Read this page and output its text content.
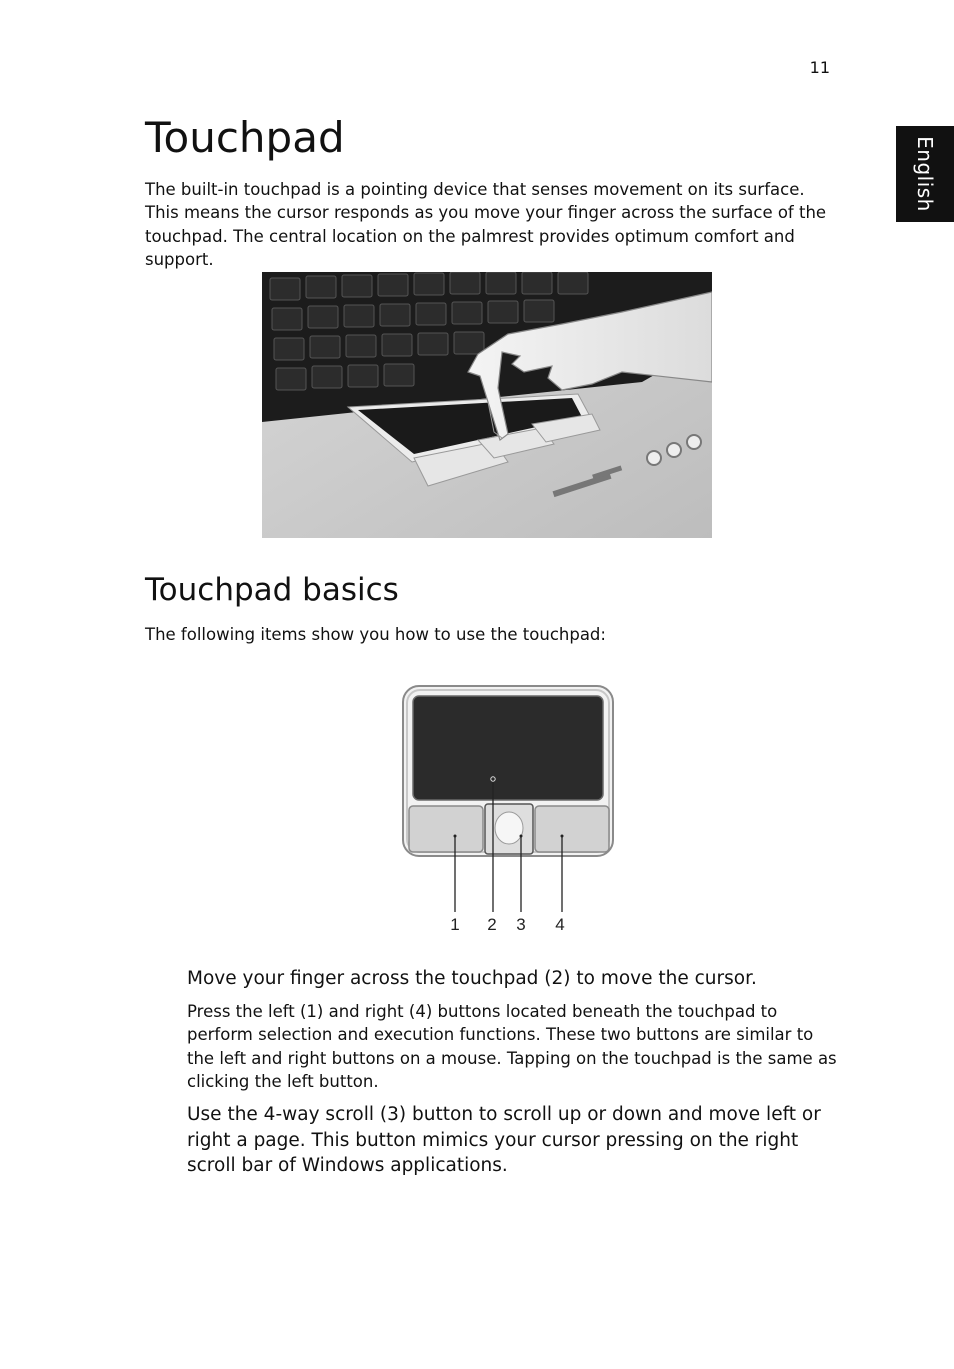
11
English
Touchpad

The built-in touchpad is a pointing device that senses movement on its surface. This means the cursor responds as you move your finger across the surface of the touchpad. The central location on the palmrest provides optimum comfort and support.

Touchpad basics

The following items show you how to use the touchpad:

1 2 3 4

Move your finger across the touchpad (2) to move the cursor.

Press the left (1) and right (4) buttons located beneath the touchpad to perform selection and execution functions. These two buttons are similar to the left and right buttons on a mouse. Tapping on the touchpad is the same as clicking the left button.

Use the 4-way scroll (3) button to scroll up or down and move left or right a page. This button mimics your cursor pressing on the right scroll bar of Windows applications.
